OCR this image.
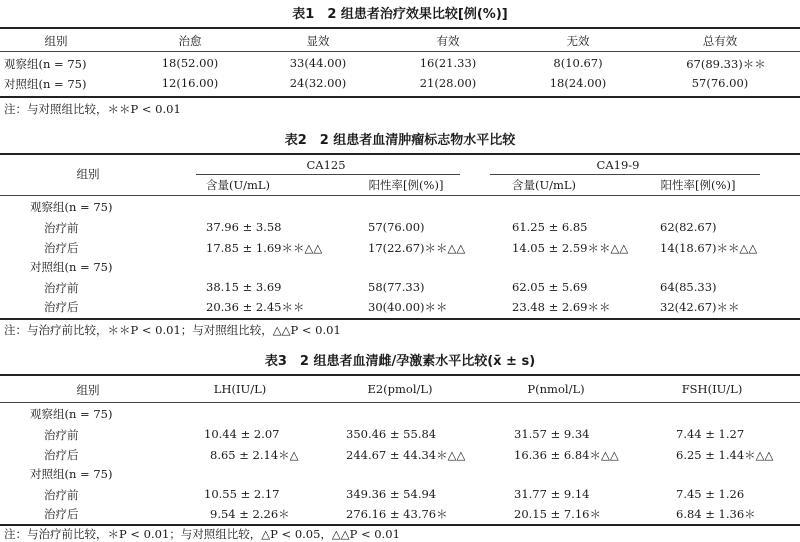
表1　2 组患者治疗效果比较[例(%)]
组别	治愈	显效	有效	无效	总有效
观察组(n = 75)	18(52.00)	33(44.00)	16(21.33)	8(10.67)	67(89.33)＊＊
对照组(n = 75)	12(16.00)	24(32.00)	21(28.00)	18(24.00)	57(76.00)
注：与对照组比较，＊＊P < 0.01
表2　2 组患者血清肿瘤标志物水平比较
组别
CA125	CA19-9
含量(U/mL)	阳性率[例(%)]	含量(U/mL)	阳性率[例(%)]
观察组(n = 75)
治疗前	37.96 ± 3.58	57(76.00)	61.25 ± 6.85	62(82.67)
治疗后	17.85 ± 1.69＊＊△△	17(22.67)＊＊△△	14.05 ± 2.59＊＊△△	14(18.67)＊＊△△
对照组(n = 75)
治疗前	38.15 ± 3.69	58(77.33)	62.05 ± 5.69	64(85.33)
治疗后	20.36 ± 2.45＊＊	30(40.00)＊＊	23.48 ± 2.69＊＊	32(42.67)＊＊
注：与治疗前比较，＊＊P < 0.01；与对照组比较，△△P < 0.01
表3　2 组患者血清雌/孕激素水平比较(x̄ ± s)
组别	LH(IU/L)	E2(pmol/L)	P(nmol/L)	FSH(IU/L)
观察组(n = 75)
治疗前	10.44 ± 2.07	350.46 ± 55.84	31.57 ± 9.34	7.44 ± 1.27
治疗后	8.65 ± 2.14＊△	244.67 ± 44.34＊△△	16.36 ± 6.84＊△△	6.25 ± 1.44＊△△
对照组(n = 75)
治疗前	10.55 ± 2.17	349.36 ± 54.94	31.77 ± 9.14	7.45 ± 1.26
治疗后	9.54 ± 2.26＊	276.16 ± 43.76＊	20.15 ± 7.16＊	6.84 ± 1.36＊
注：与治疗前比较，＊P < 0.01；与对照组比较，△P < 0.05，△△P < 0.01
